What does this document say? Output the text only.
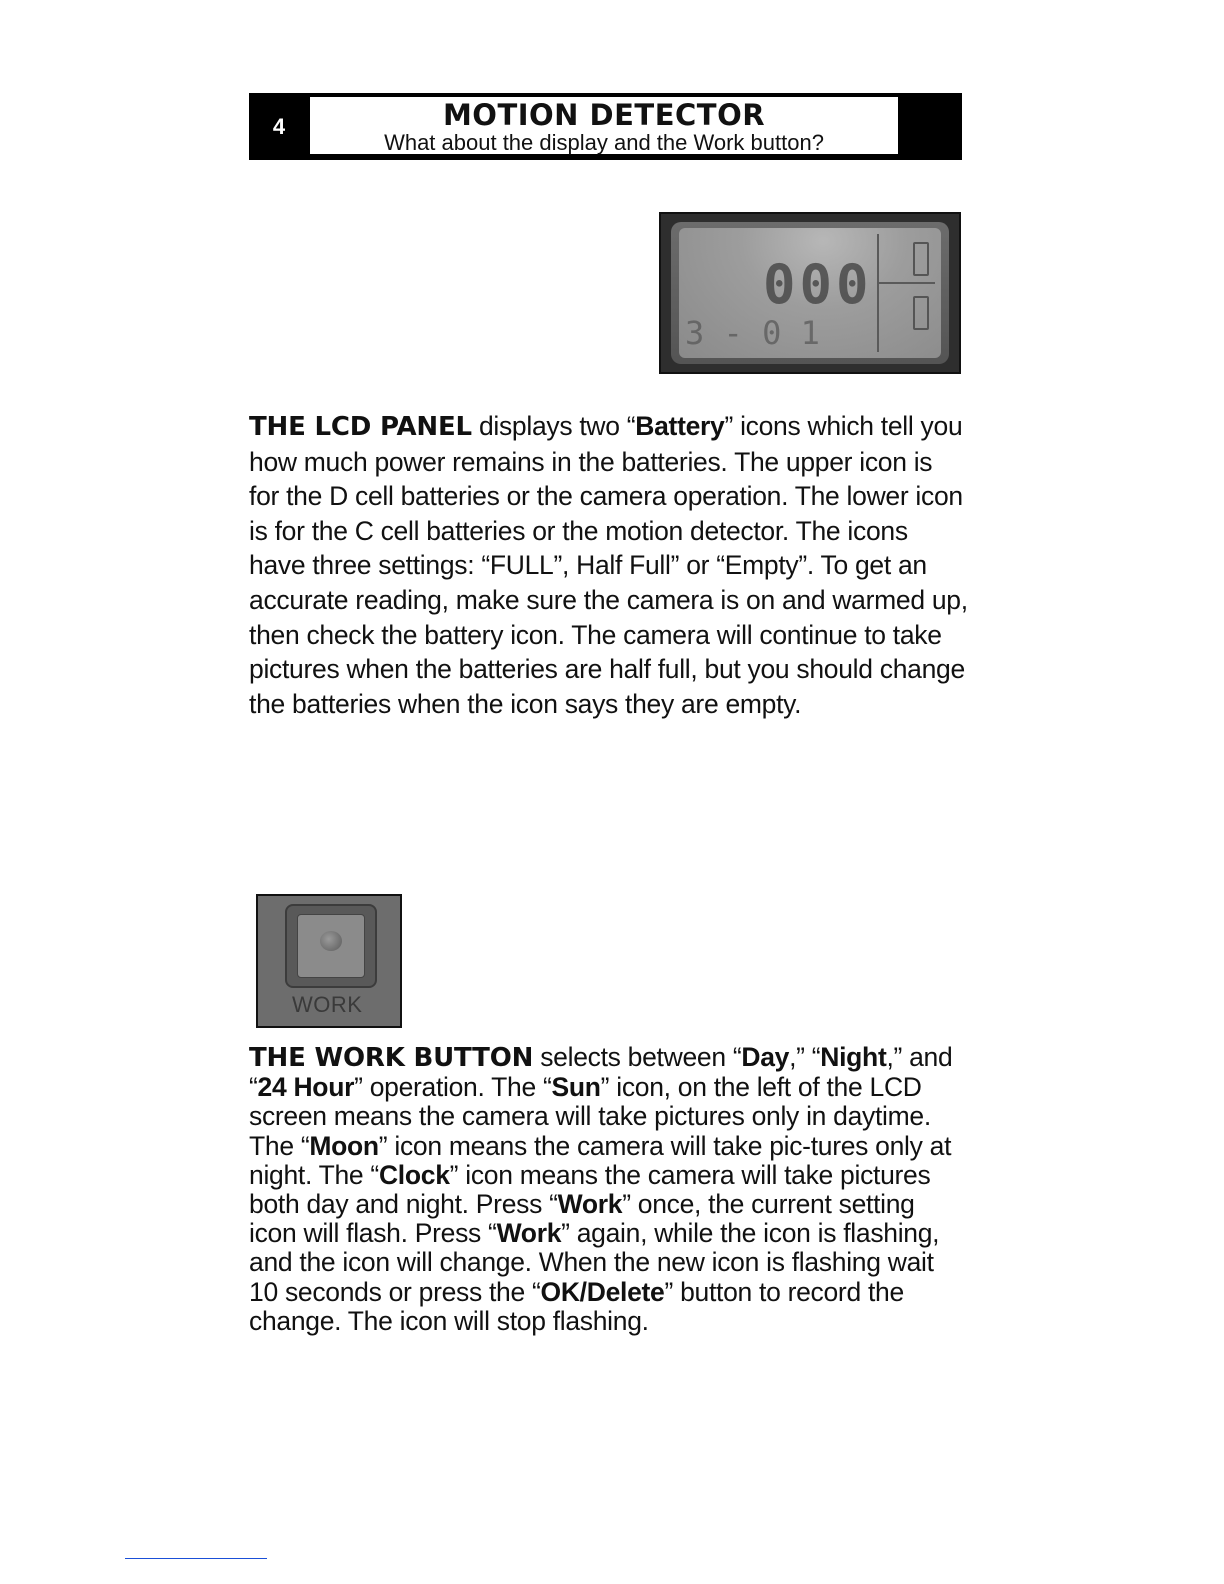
4	MOTION DETECTOR
What about the display and the Work button?
000
3 - 0 1
THE LCD PANEL displays two “Battery” icons which tell you how much power remains in the batteries. The upper icon is for the D cell batteries or the camera operation. The lower icon is for the C cell batteries or the motion detector. The icons have three settings: “FULL”, Half Full” or “Empty”. To get an accurate reading, make sure the camera is on and warmed up, then check the battery icon. The camera will continue to take pictures when the batteries are half full, but you should change the batteries when the icon says they are empty.
WORK
THE WORK BUTTON selects between “Day,” “Night,” and “24 Hour” operation. The “Sun” icon, on the left of the LCD screen means the camera will take pictures only in daytime. The “Moon” icon means the camera will take pic-tures only at night. The “Clock” icon means the camera will take pictures both day and night. Press “Work” once, the current setting icon will flash. Press “Work” again, while the icon is flashing, and the icon will change. When the new icon is flashing wait 10 seconds or press the “OK/Delete” button to record the change. The icon will stop flashing.
